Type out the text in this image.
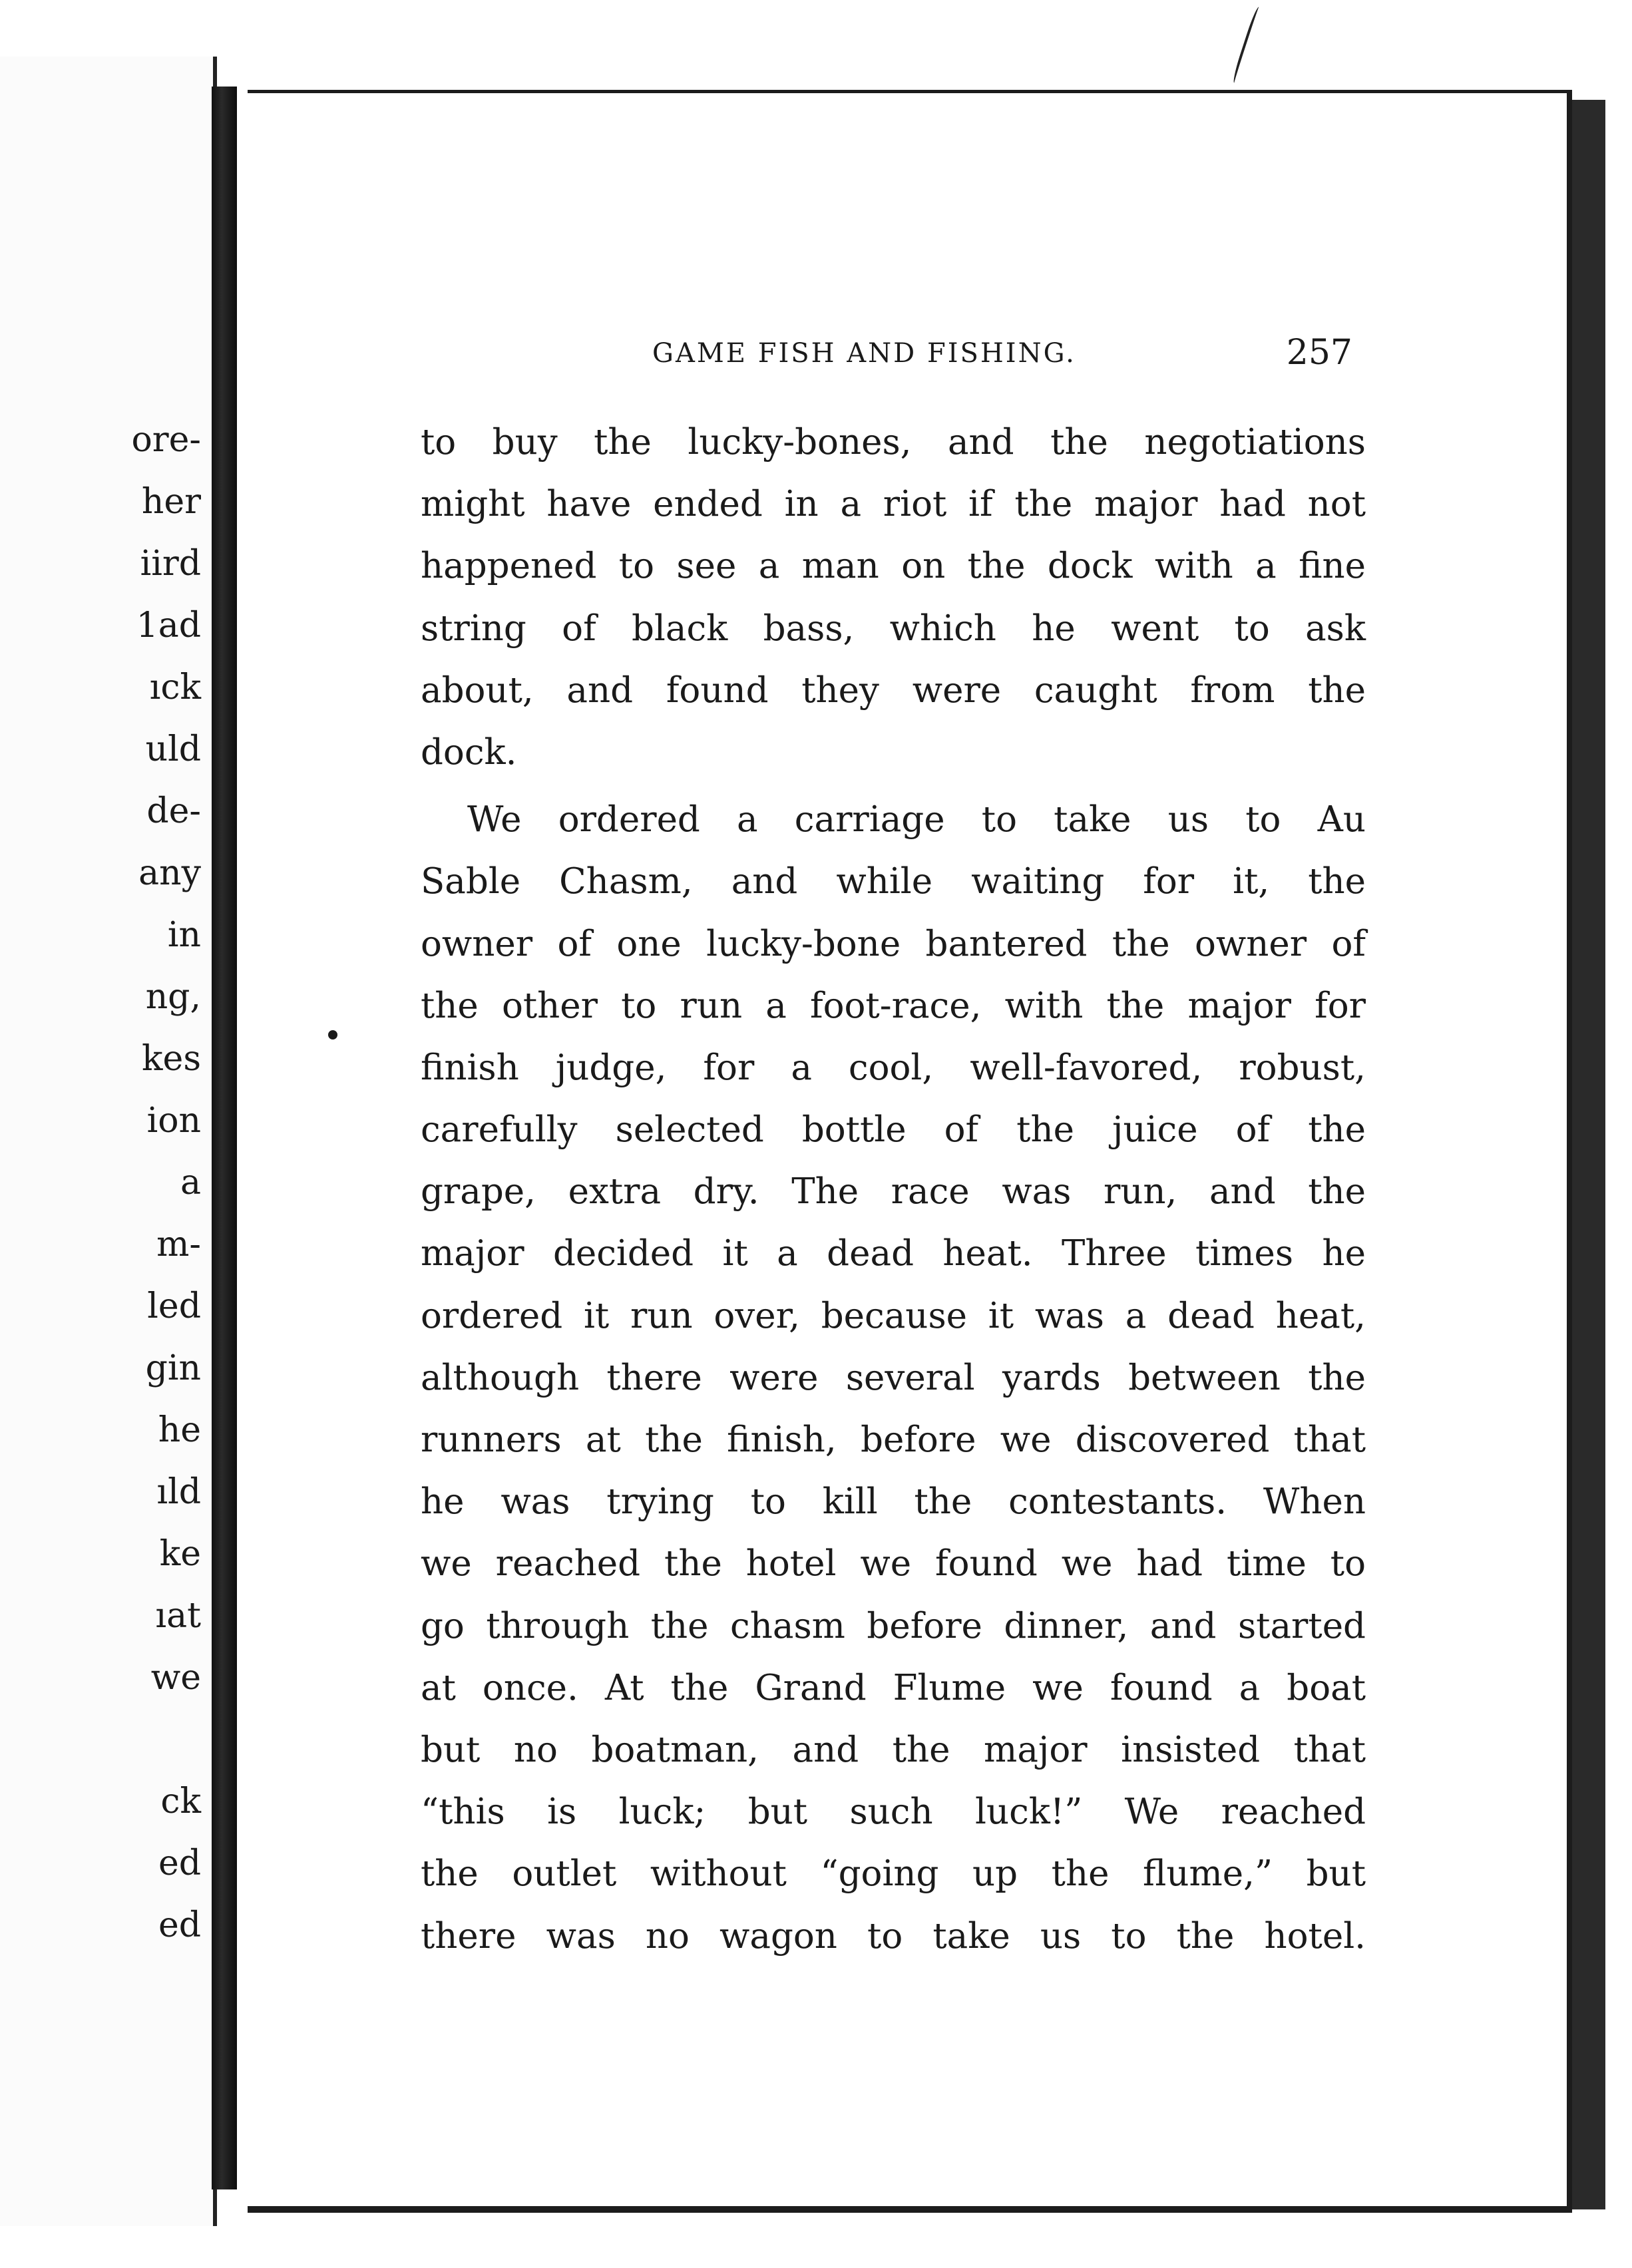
ore-
her
iird
1ad
ıck
uld
de-
any
in
ng,
kes
ion
a
m-
led
gin
he
ıld
ke
ıat
we
ck
ed
ed
GAME FISH AND FISHING.	257
to buy the lucky-bones, and the negotiations
might have ended in a riot if the major had not
happened to see a man on the dock with a fine
string of black bass, which he went to ask
about, and found they were caught from the
dock.
We ordered a carriage to take us to Au
Sable Chasm, and while waiting for it, the
owner of one lucky-bone bantered the owner of
the other to run a foot-race, with the major for
finish judge, for a cool, well-favored, robust,
carefully selected bottle of the juice of the
grape, extra dry. The race was run, and the
major decided it a dead heat. Three times he
ordered it run over, because it was a dead heat,
although there were several yards between the
runners at the finish, before we discovered that
he was trying to kill the contestants. When
we reached the hotel we found we had time to
go through the chasm before dinner, and started
at once. At the Grand Flume we found a boat
but no boatman, and the major insisted that
“this is luck; but such luck!” We reached
the outlet without “going up the flume,” but
there was no wagon to take us to the hotel.
